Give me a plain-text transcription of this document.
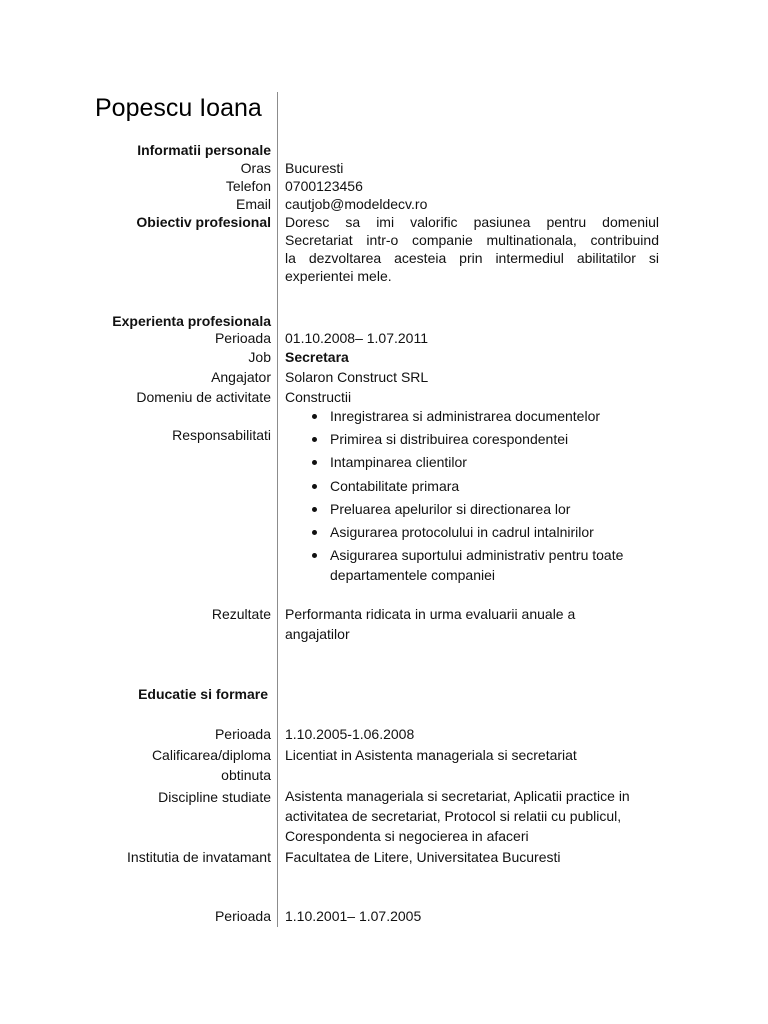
Popescu Ioana
Informatii personale
Oras Bucuresti
Telefon 0700123456
Email cautjob@modeldecv.ro
Obiectiv profesional Doresc sa imi valorific pasiunea pentru domeniul
Secretariat intr-o companie multinationala, contribuind
la dezvoltarea acesteia prin intermediul abilitatilor si
experientei mele.
Experienta profesionala
Perioada 01.10.2008– 1.07.2011
Job Secretara
Angajator Solaron Construct SRL
Domeniu de activitate Constructii
Responsabilitati
Inregistrarea si administrarea documentelor
Primirea si distribuirea corespondentei
Intampinarea clientilor
Contabilitate primara
Preluarea apelurilor si directionarea lor
Asigurarea protocolului in cadrul intalnirilor
Asigurarea suportului administrativ pentru toate
departamentele companiei
Rezultate Performanta ridicata in urma evaluarii anuale a
angajatilor
Educatie si formare
Perioada 1.10.2005-1.06.2008
Calificarea/diploma
obtinuta
Licentiat in Asistenta manageriala si secretariat
Discipline studiate Asistenta manageriala si secretariat, Aplicatii practice in
activitatea de secretariat, Protocol si relatii cu publicul,
Corespondenta si negocierea in afaceri
Institutia de invatamant Facultatea de Litere, Universitatea Bucuresti
Perioada 1.10.2001– 1.07.2005
